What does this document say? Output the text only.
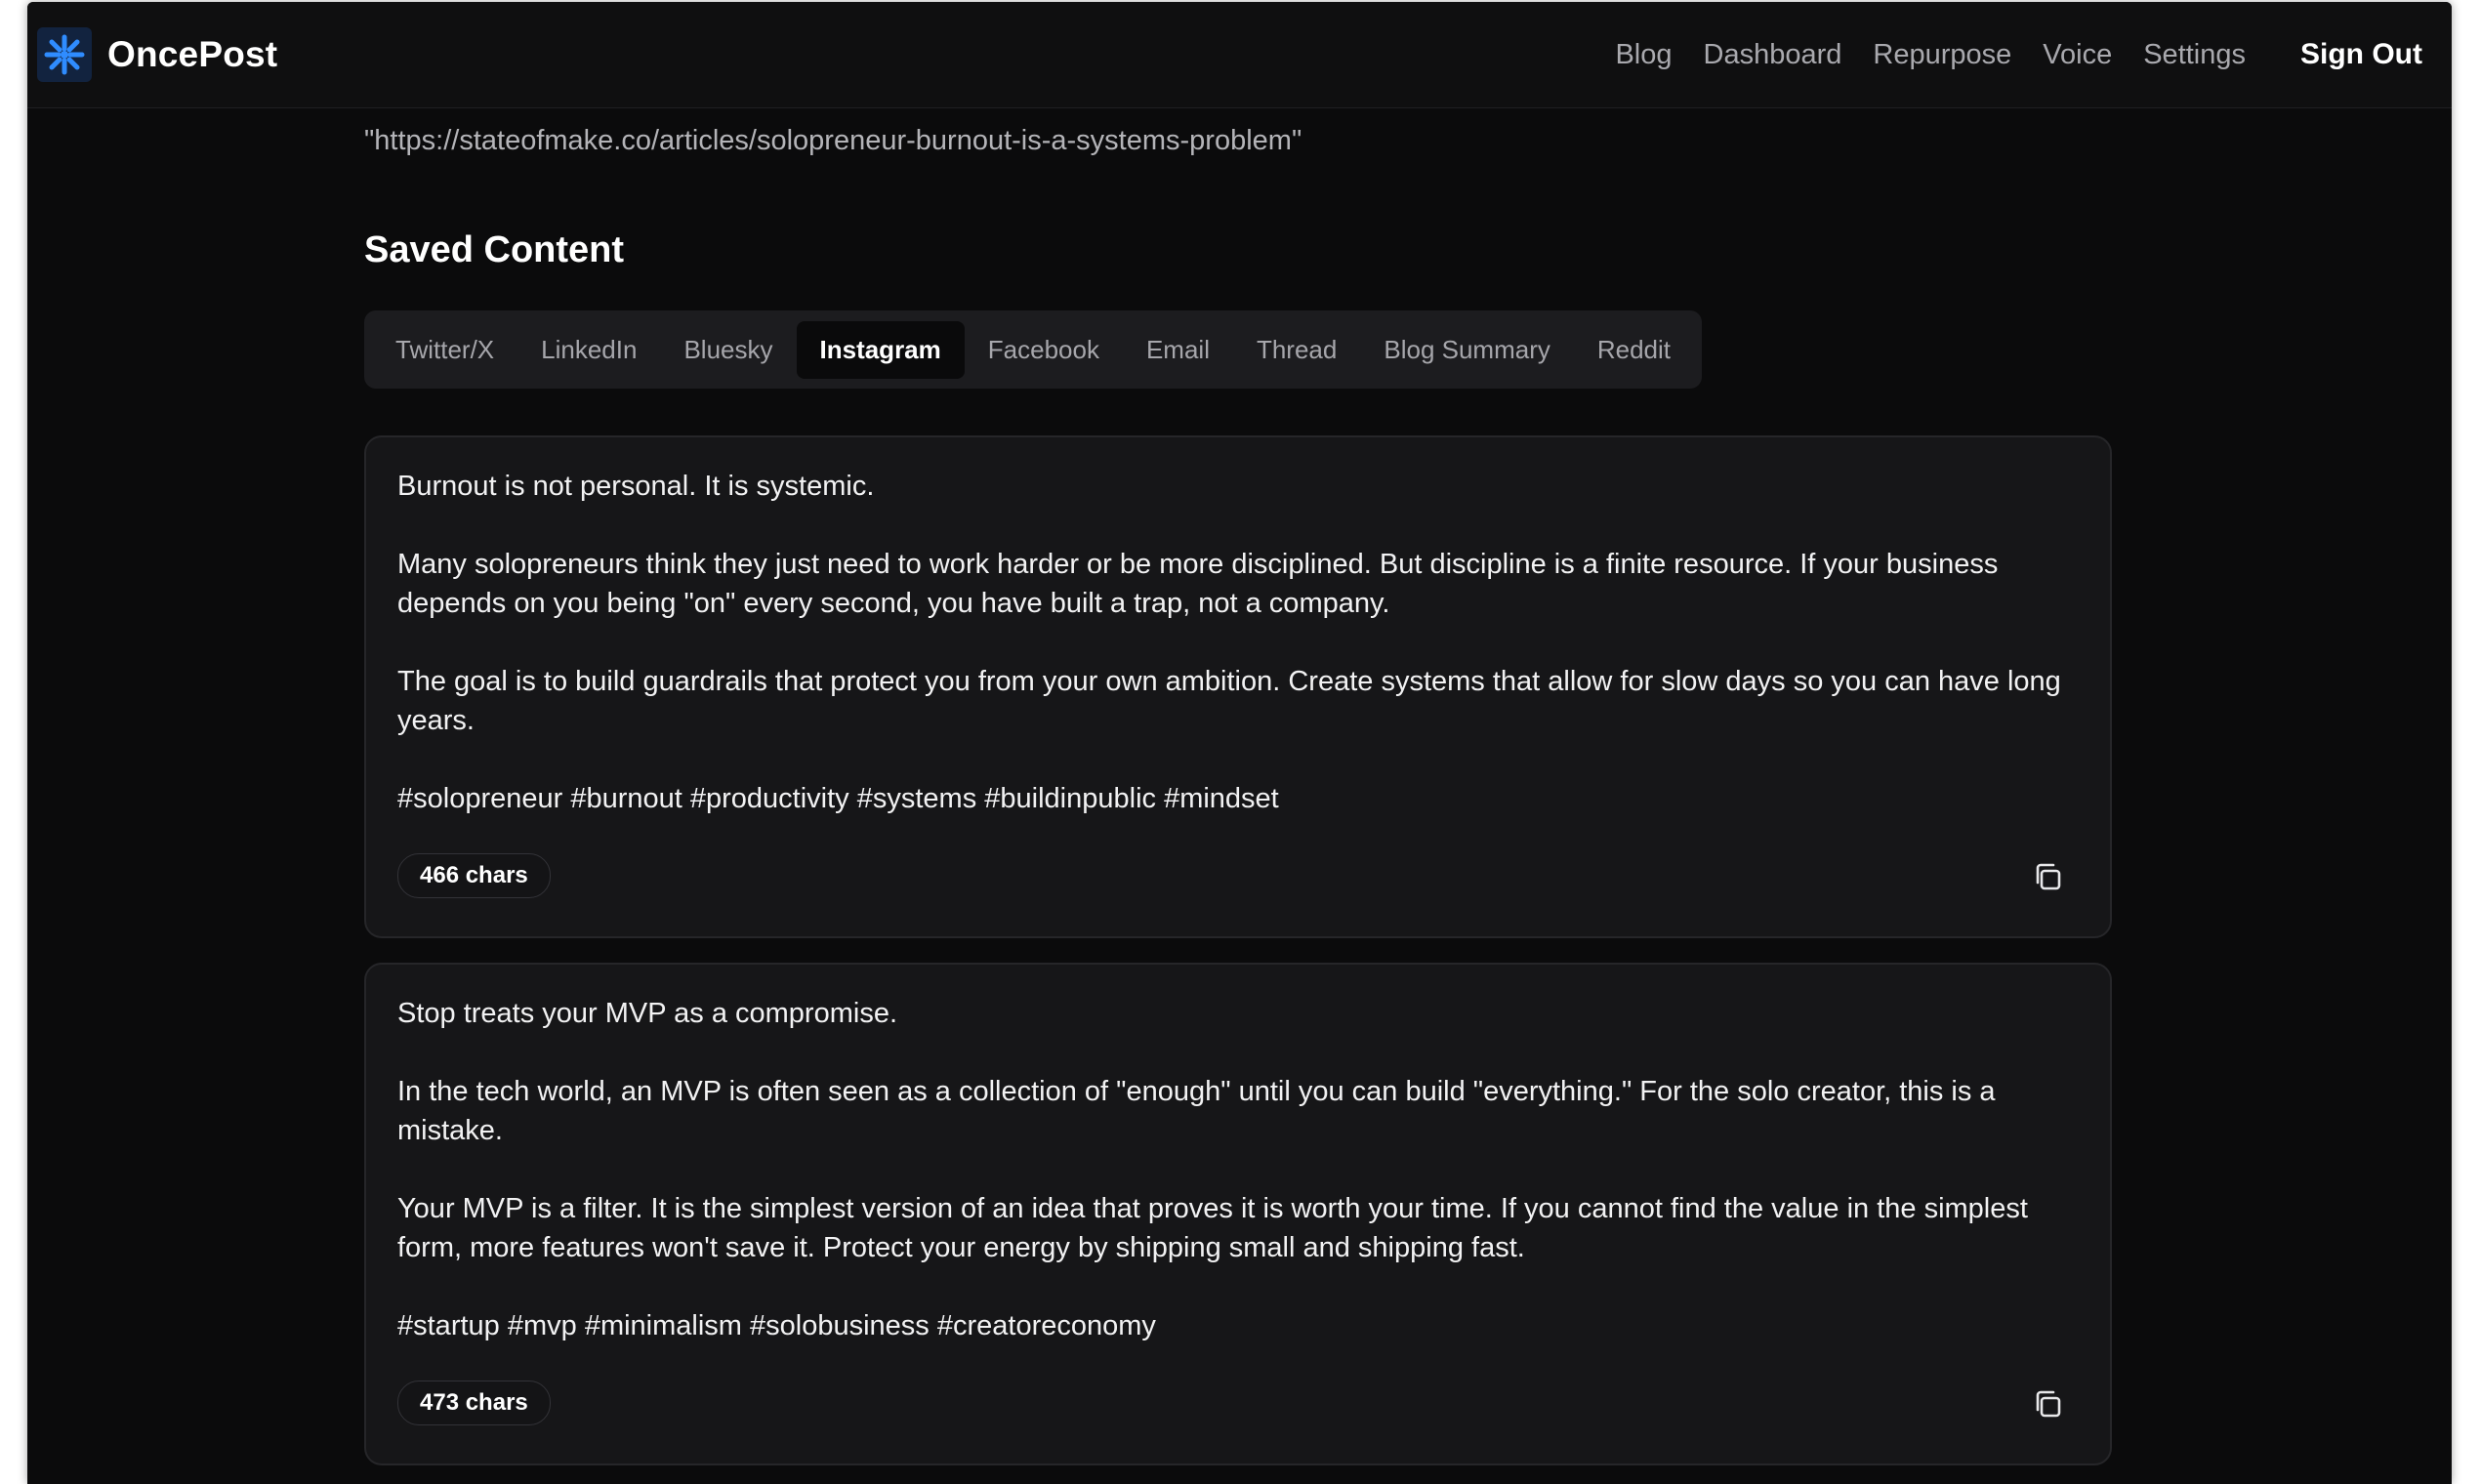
OncePost	Blog Dashboard Repurpose Voice Settings Sign Out
"https://stateofmake.co/articles/solopreneur-burnout-is-a-systems-problem"
Saved Content
Twitter/X	LinkedIn	Bluesky	Instagram	Facebook	Email	Thread	Blog Summary	Reddit
Burnout is not personal. It is systemic.

Many solopreneurs think they just need to work harder or be more disciplined. But discipline is a finite resource. If your business depends on you being "on" every second, you have built a trap, not a company.

The goal is to build guardrails that protect you from your own ambition. Create systems that allow for slow days so you can have long years.

#solopreneur #burnout #productivity #systems #buildinpublic #mindset
466 chars
Stop treats your MVP as a compromise.

In the tech world, an MVP is often seen as a collection of "enough" until you can build "everything." For the solo creator, this is a mistake.

Your MVP is a filter. It is the simplest version of an idea that proves it is worth your time. If you cannot find the value in the simplest form, more features won't save it. Protect your energy by shipping small and shipping fast.

#startup #mvp #minimalism #solobusiness #creatoreconomy
473 chars
